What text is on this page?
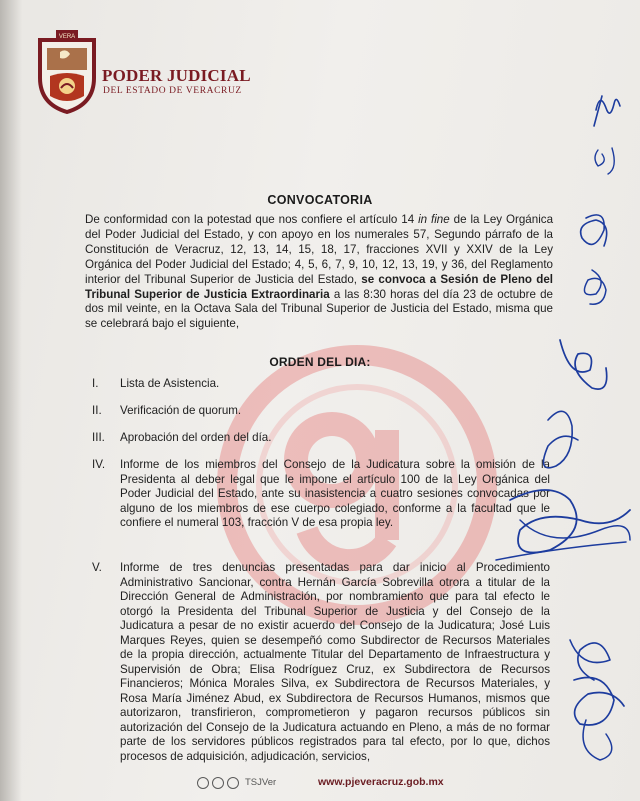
VERA
PODER JUDICIAL
DEL ESTADO DE VERACRUZ
CONVOCATORIA

De conformidad con la potestad que nos confiere el artículo 14 in fine de la Ley Orgánica del Poder Judicial del Estado, y con apoyo en los numerales 57, Segundo párrafo de la Constitución de Veracruz, 12, 13, 14, 15, 18, 17, fracciones XVII y XXIV de la Ley Orgánica del Poder Judicial del Estado; 4, 5, 6, 7, 9, 10, 12, 13, 19, y 36, del Reglamento interior del Tribunal Superior de Justicia del Estado, se convoca a Sesión de Pleno del Tribunal Superior de Justicia Extraordinaria a las 8:30 horas del día 23 de octubre de dos mil veinte, en la Octava Sala del Tribunal Superior de Justicia del Estado, misma que se celebrará bajo el siguiente,

ORDEN DEL DIA:
I. Lista de Asistencia.
II. Verificación de quorum.
III. Aprobación del orden del día.
IV. Informe de los miembros del Consejo de la Judicatura sobre la omisión de la Presidenta al deber legal que le impone el artículo 100 de la Ley Orgánica del Poder Judicial del Estado, ante su inasistencia a cuatro sesiones convocadas por alguno de los miembros de ese cuerpo colegiado, conforme a la facultad que le confiere el numeral 103, fracción V de esa propia ley.
V. Informe de tres denuncias presentadas para dar inicio al Procedimiento Administrativo Sancionar, contra Hernán García Sobrevilla otrora a titular de la Dirección General de Administración, por nombramiento que para tal efecto le otorgó la Presidenta del Tribunal Superior de Justicia y del Consejo de la Judicatura a pesar de no existir acuerdo del Consejo de la Judicatura; José Luis Marques Reyes, quien se desempeñó como Subdirector de Recursos Materiales de la propia dirección, actualmente Titular del Departamento de Infraestructura y Supervisión de Obra; Elisa Rodríguez Cruz, ex Subdirectora de Recursos Financieros; Mónica Morales Silva, ex Subdirectora de Recursos Materiales, y Rosa María Jiménez Abud, ex Subdirectora de Recursos Humanos, mismos que autorizaron, transfirieron, comprometieron y pagaron recursos públicos sin autorización del Consejo de la Judicatura actuando en Pleno, a más de no formar parte de los servidores públicos registrados para tal efecto, por lo que, dichos procesos de adquisición, adjudicación, servicios,
TSJVer	www.pjeveracruz.gob.mx
